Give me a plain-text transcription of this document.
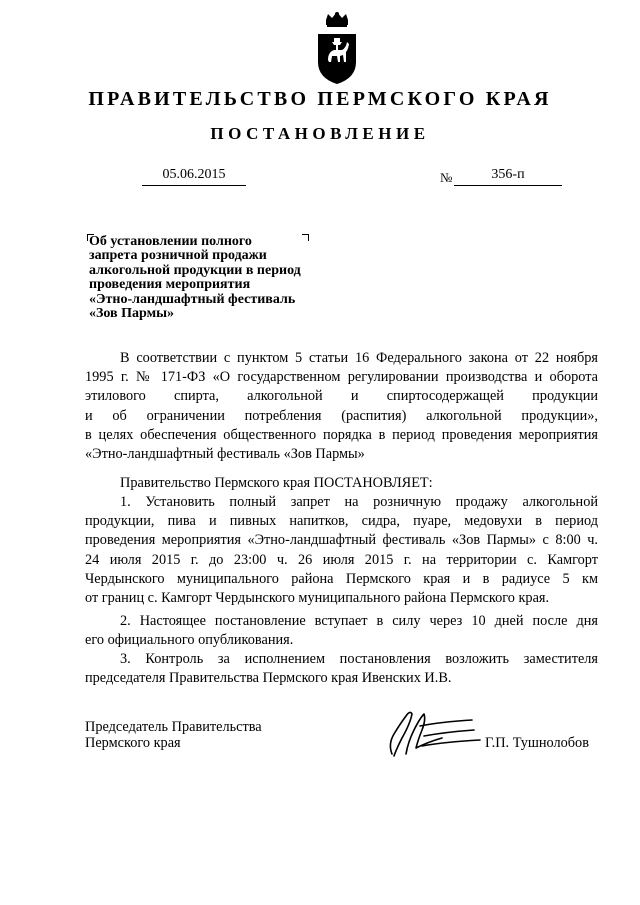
ПРАВИТЕЛЬСТВО ПЕРМСКОГО КРАЯ
ПОСТАНОВЛЕНИЕ
05.06.2015	№	356-п
Об установлении полного
запрета розничной продажи
алкогольной продукции в период
проведения мероприятия
«Этно-ландшафтный фестиваль
«Зов Пармы»
В соответствии с пунктом 5 статьи 16 Федерального закона от 22 ноября
1995 г. № 171-ФЗ «О государственном регулировании производства и оборота
этилового спирта, алкогольной и спиртосодержащей продукции
и об ограничении потребления (распития) алкогольной продукции»,
в целях обеспечения общественного порядка в период проведения мероприятия
«Этно-ландшафтный фестиваль «Зов Пармы»
Правительство Пермского края ПОСТАНОВЛЯЕТ:
1. Установить полный запрет на розничную продажу алкогольной
продукции, пива и пивных напитков, сидра, пуаре, медовухи в период
проведения мероприятия «Этно-ландшафтный фестиваль «Зов Пармы» с 8:00 ч.
24 июля 2015 г. до 23:00 ч. 26 июля 2015 г. на территории с. Камгорт
Чердынского муниципального района Пермского края и в радиусе 5 км
от границ с. Камгорт Чердынского муниципального района Пермского края.
2. Настоящее постановление вступает в силу через 10 дней после дня
его официального опубликования.
3. Контроль за исполнением постановления возложить заместителя
председателя Правительства Пермского края Ивенских И.В.
Председатель Правительства
Пермского края	Г.П. Тушнолобов
